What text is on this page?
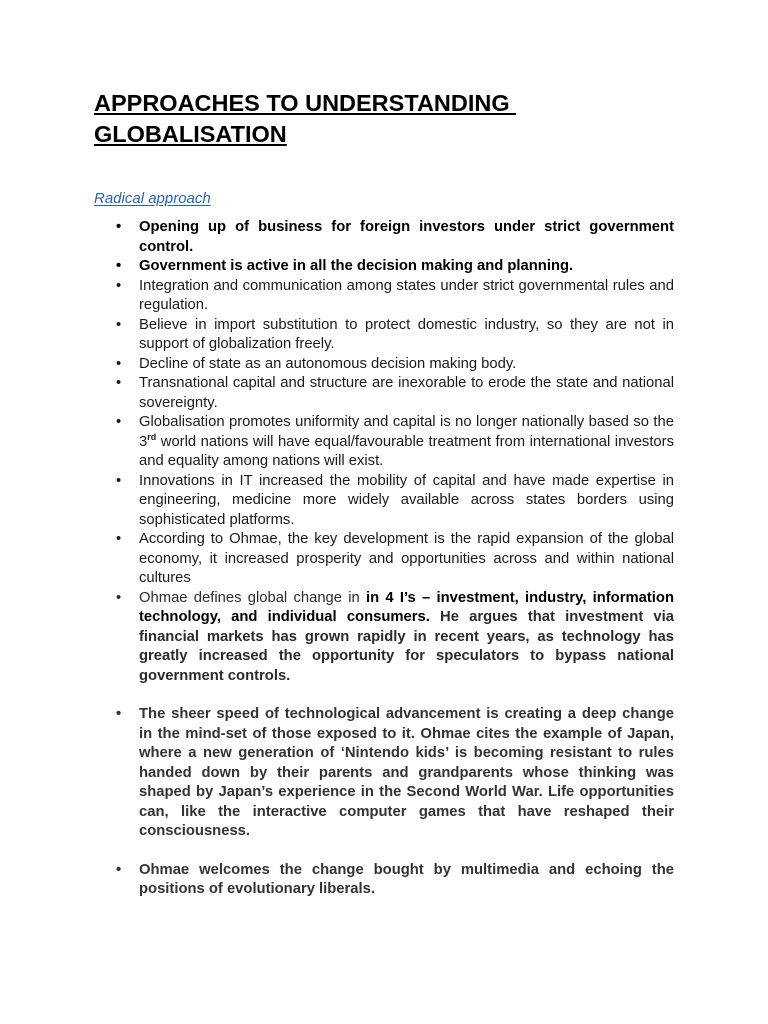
APPROACHES TO UNDERSTANDING
GLOBALISATION
Radical approach
• Opening up of business for foreign investors under strict government control.
• Government is active in all the decision making and planning.
• Integration and communication among states under strict governmental rules and regulation.
• Believe in import substitution to protect domestic industry, so they are not in support of globalization freely.
• Decline of state as an autonomous decision making body.
• Transnational capital and structure are inexorable to erode the state and national sovereignty.
• Globalisation promotes uniformity and capital is no longer nationally based so the 3rd world nations will have equal/favourable treatment from international investors and equality among nations will exist.
• Innovations in IT increased the mobility of capital and have made expertise in engineering, medicine more widely available across states borders using sophisticated platforms.
• According to Ohmae, the key development is the rapid expansion of the global economy, it increased prosperity and opportunities across and within national cultures
• Ohmae defines global change in in 4 I’s – investment, industry, information technology, and individual consumers. He argues that investment via financial markets has grown rapidly in recent years, as technology has greatly increased the opportunity for speculators to bypass national government controls.
• The sheer speed of technological advancement is creating a deep change in the mind-set of those exposed to it. Ohmae cites the example of Japan, where a new generation of ‘Nintendo kids’ is becoming resistant to rules handed down by their parents and grandparents whose thinking was shaped by Japan’s experience in the Second World War. Life opportunities can, like the interactive computer games that have reshaped their consciousness.
• Ohmae welcomes the change bought by multimedia and echoing the positions of evolutionary liberals.
